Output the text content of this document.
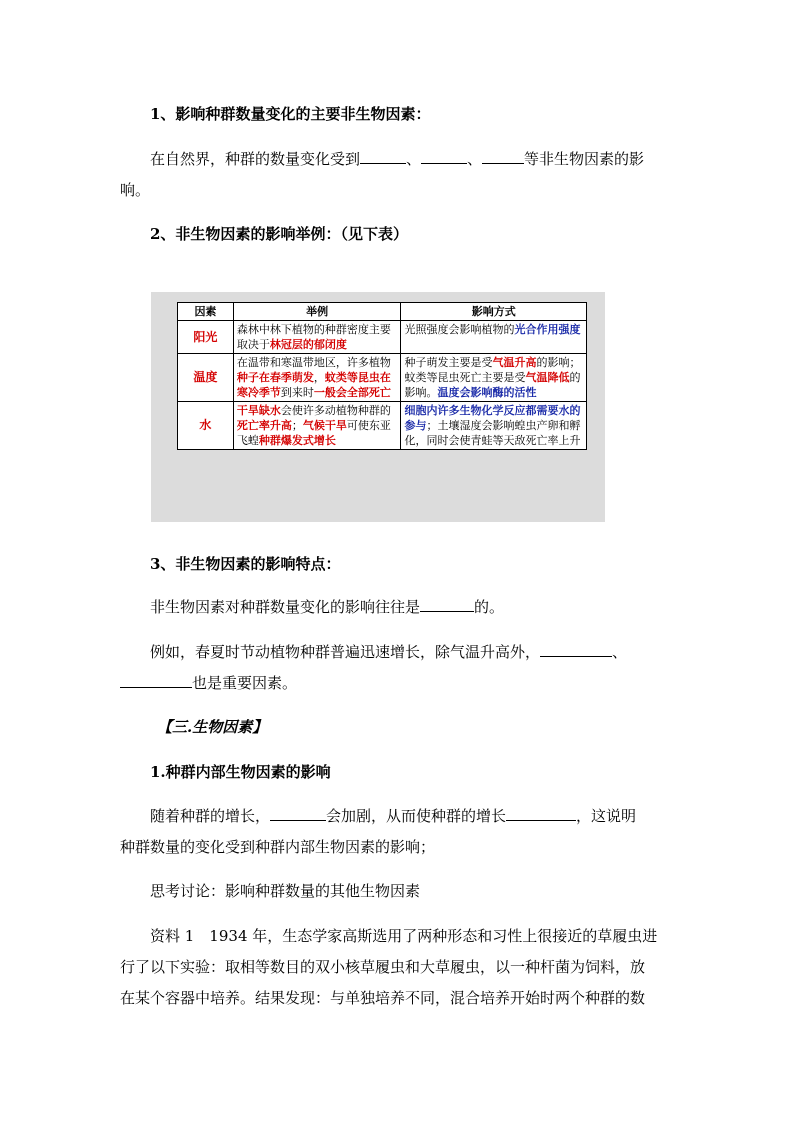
1、影响种群数量变化的主要非生物因素：
在自然界，种群的数量变化受到	、	、	等非生物因素的影
响。
2、非生物因素的影响举例：（见下表）
因素	举例	影响方式
阳光	森林中林下植物的种群密度主要取决于林冠层的郁闭度	光照强度会影响植物的光合作用强度
温度	在温带和寒温带地区，许多植物种子在春季萌发，蚊类等昆虫在寒冷季节到来时一般会全部死亡	种子萌发主要是受气温升高的影响；蚊类等昆虫死亡主要是受气温降低的影响。温度会影响酶的活性
水	干旱缺水会使许多动植物种群的死亡率升高；气候干旱可使东亚飞蝗种群爆发式增长	细胞内许多生物化学反应都需要水的参与；土壤湿度会影响蝗虫产卵和孵化，同时会使青蛙等天敌死亡率上升
3、非生物因素的影响特点：
非生物因素对种群数量变化的影响往往是	的。
例如，春夏时节动植物种群普遍迅速增长，除气温升高外，	、
也是重要因素。
【三.生物因素】
1.种群内部生物因素的影响
随着种群的增长，	会加剧，从而使种群的增长	，这说明
种群数量的变化受到种群内部生物因素的影响；
思考讨论：影响种群数量的其他生物因素
资料 1　1934 年，生态学家高斯选用了两种形态和习性上很接近的草履虫进
行了以下实验：取相等数目的双小核草履虫和大草履虫，以一种杆菌为饲料，放
在某个容器中培养。结果发现：与单独培养不同，混合培养开始时两个种群的数
